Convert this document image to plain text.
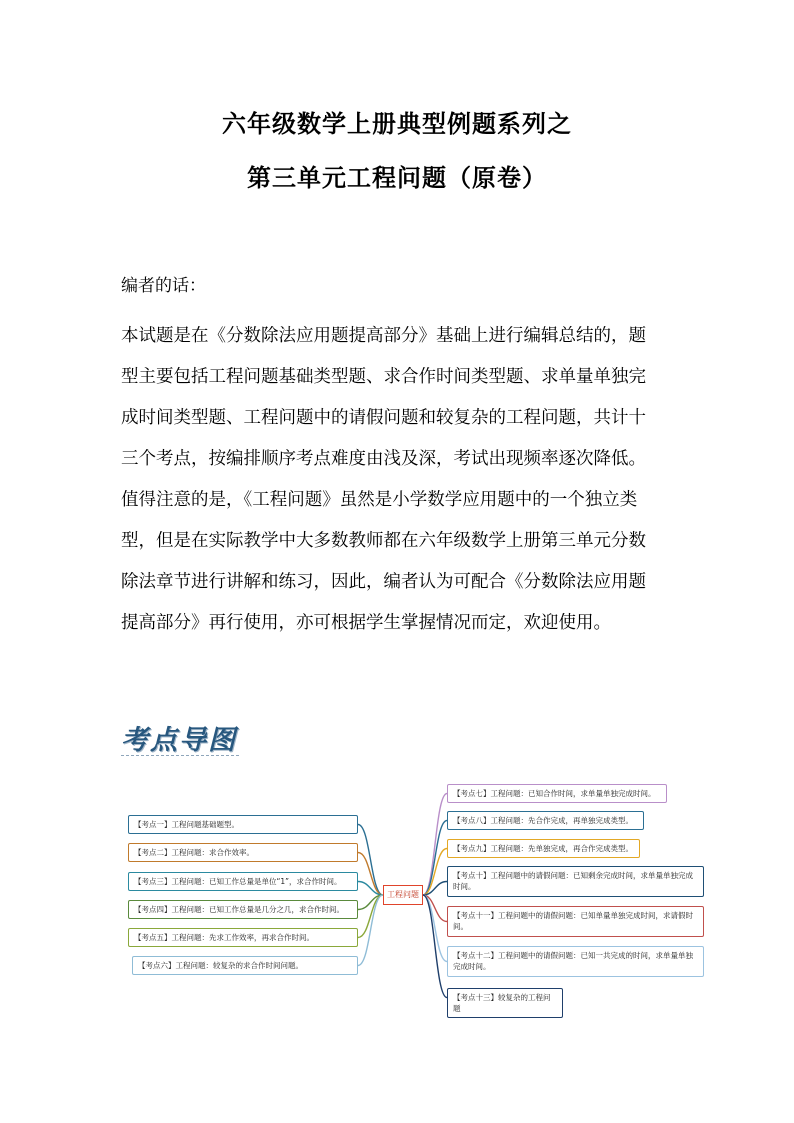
六年级数学上册典型例题系列之
第三单元工程问题（原卷）
编者的话：
本试题是在《分数除法应用题提高部分》基础上进行编辑总结的，题
型主要包括工程问题基础类型题、求合作时间类型题、求单量单独完
成时间类型题、工程问题中的请假问题和较复杂的工程问题，共计十
三个考点，按编排顺序考点难度由浅及深，考试出现频率逐次降低。
值得注意的是，《工程问题》虽然是小学数学应用题中的一个独立类
型，但是在实际教学中大多数教师都在六年级数学上册第三单元分数
除法章节进行讲解和练习，因此，编者认为可配合《分数除法应用题
提高部分》再行使用，亦可根据学生掌握情况而定，欢迎使用。
考点导图
工程问题
【考点一】工程问题基础题型。
【考点二】工程问题：求合作效率。
【考点三】工程问题：已知工作总量是单位“1”，求合作时间。
【考点四】工程问题：已知工作总量是几分之几，求合作时间。
【考点五】工程问题：先求工作效率，再求合作时间。
【考点六】工程问题：较复杂的求合作时间问题。
【考点七】工程问题：已知合作时间，求单量单独完成时间。
【考点八】工程问题：先合作完成，再单独完成类型。
【考点九】工程问题：先单独完成，再合作完成类型。
【考点十】工程问题中的请假问题：已知剩余完成时间，求单量单独完成时间。
【考点十一】工程问题中的请假问题：已知单量单独完成时间，求请假时间。
【考点十二】工程问题中的请假问题：已知一共完成的时间，求单量单独完成时间。
【考点十三】较复杂的工程问题
